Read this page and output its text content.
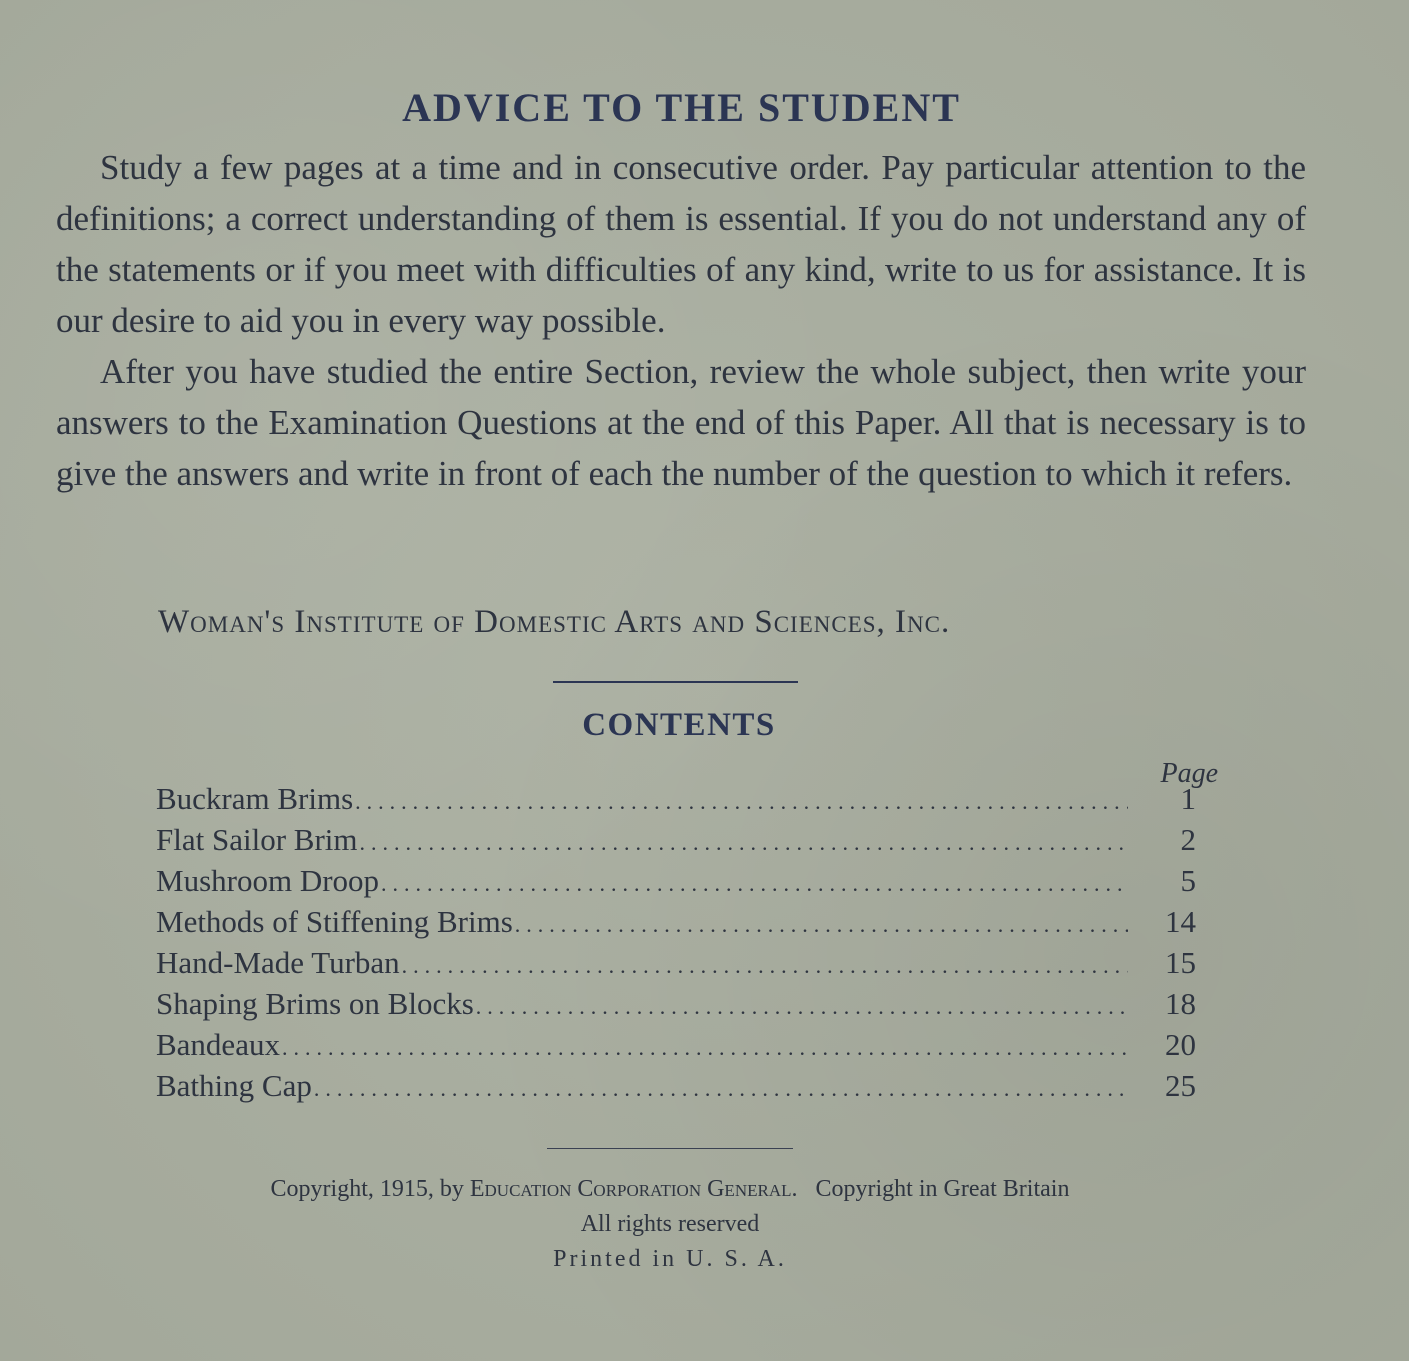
ADVICE TO THE STUDENT

Study a few pages at a time and in consecutive order. Pay particular attention to the definitions; a correct understanding of them is essential. If you do not understand any of the statements or if you meet with difficulties of any kind, write to us for assistance. It is our desire to aid you in every way possible.

After you have studied the entire Section, review the whole subject, then write your answers to the Examination Questions at the end of this Paper. All that is necessary is to give the answers and write in front of each the number of the question to which it refers.

Woman's Institute of Domestic Arts and Sciences, Inc.
CONTENTS
Page
Buckram Brims .....	1
Flat Sailor Brim .....	2
Mushroom Droop .....	5
Methods of Stiffening Brims .....	14
Hand-Made Turban .....	15
Shaping Brims on Blocks .....	18
Bandeaux .....	20
Bathing Cap .....	25
Copyright, 1915, by Education Corporation General. Copyright in Great Britain
All rights reserved
Printed in U. S. A.
